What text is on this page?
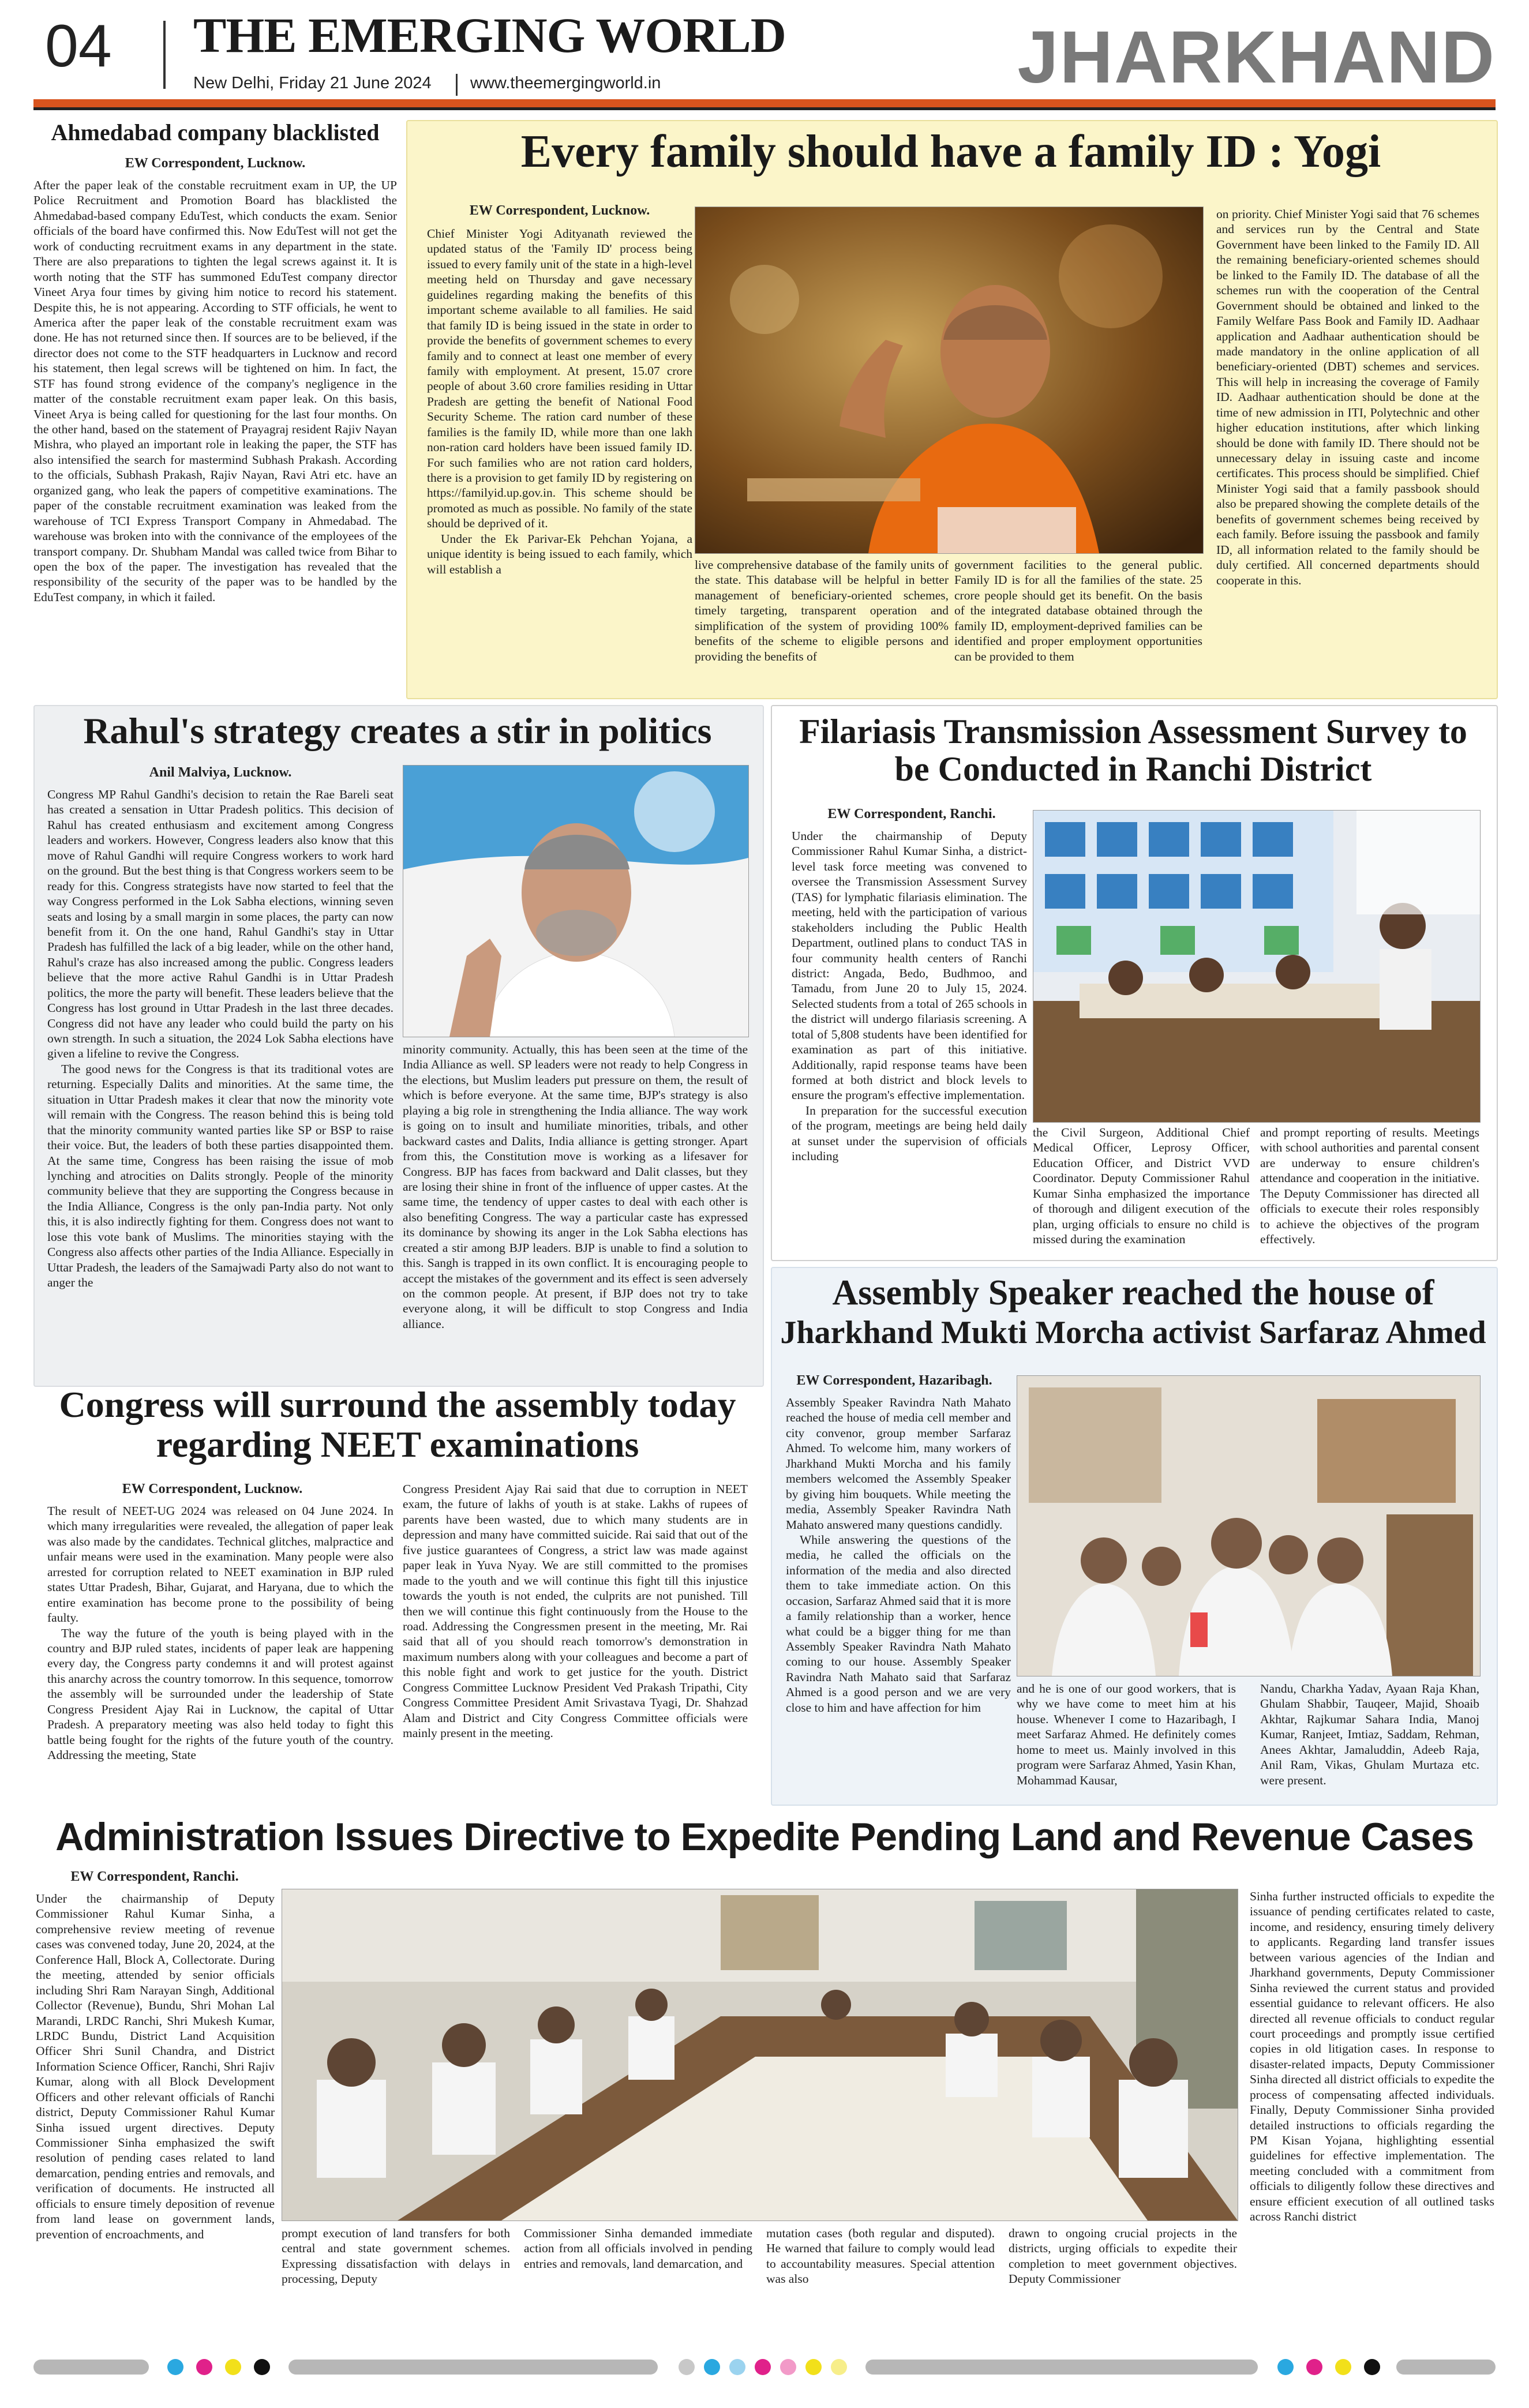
04 THE EMERGING WORLD
New Delhi, Friday 21 June 2024 www.theemergingworld.in	JHARKHAND
Ahmedabad company blacklisted
EW Correspondent, Lucknow.

After the paper leak of the constable recruitment exam in UP, the UP Police Recruitment and Promotion Board has blacklisted the Ahmedabad-based company EduTest, which conducts the exam. Senior officials of the board have confirmed this. Now EduTest will not get the work of conducting recruitment exams in any department in the state. There are also preparations to tighten the legal screws against it. It is worth noting that the STF has summoned EduTest company director Vineet Arya four times by giving him notice to record his statement. Despite this, he is not appearing. According to STF officials, he went to America after the paper leak of the constable recruitment exam was done. He has not returned since then. If sources are to be believed, if the director does not come to the STF headquarters in Lucknow and record his statement, then legal screws will be tightened on him. In fact, the STF has found strong evidence of the company's negligence in the matter of the constable recruitment exam paper leak. On this basis, Vineet Arya is being called for questioning for the last four months. On the other hand, based on the statement of Prayagraj resident Rajiv Nayan Mishra, who played an important role in leaking the paper, the STF has also intensified the search for mastermind Subhash Prakash. According to the officials, Subhash Prakash, Rajiv Nayan, Ravi Atri etc. have an organized gang, who leak the papers of competitive examinations. The paper of the constable recruitment examination was leaked from the warehouse of TCI Express Transport Company in Ahmedabad. The warehouse was broken into with the connivance of the employees of the transport company. Dr. Shubham Mandal was called twice from Bihar to open the box of the paper. The investigation has revealed that the responsibility of the security of the paper was to be handled by the EduTest company, in which it failed.

Every family should have a family ID : Yogi
EW Correspondent, Lucknow.

Chief Minister Yogi Adityanath reviewed the updated status of the 'Family ID' process being issued to every family unit of the state in a high-level meeting held on Thursday and gave necessary guidelines regarding making the benefits of this important scheme available to all families. He said that family ID is being issued in the state in order to provide the benefits of government schemes to every family and to connect at least one member of every family with employment. At present, 15.07 crore people of about 3.60 crore families residing in Uttar Pradesh are getting the benefit of National Food Security Scheme. The ration card number of these families is the family ID, while more than one lakh non-ration card holders have been issued family ID. For such families who are not ration card holders, there is a provision to get family ID by registering on https://familyid.up.gov.in. This scheme should be promoted as much as possible. No family of the state should be deprived of it.

Under the Ek Parivar-Ek Pehchan Yojana, a unique identity is being issued to each family, which will establish a	live comprehensive database of the family units of the state. This database will be helpful in better management of beneficiary-oriented schemes, timely targeting, transparent operation and simplification of the system of providing 100% benefits of the scheme to eligible persons and providing the benefits of

government facilities to the general public. Family ID is for all the families of the state. 25 crore people should get its benefit. On the basis of the integrated database obtained through the family ID, employment-deprived families can be identified and proper employment opportunities can be provided to them

on priority. Chief Minister Yogi said that 76 schemes and services run by the Central and State Government have been linked to the Family ID. All the remaining beneficiary-oriented schemes should be linked to the Family ID. The database of all the schemes run with the cooperation of the Central Government should be obtained and linked to the Family Welfare Pass Book and Family ID. Aadhaar application and Aadhaar authentication should be made mandatory in the online application of all beneficiary-oriented (DBT) schemes and services. This will help in increasing the coverage of Family ID. Aadhaar authentication should be done at the time of new admission in ITI, Polytechnic and other higher education institutions, after which linking should be done with family ID. There should not be unnecessary delay in issuing caste and income certificates. This process should be simplified. Chief Minister Yogi said that a family passbook should also be prepared showing the complete details of the benefits of government schemes being received by each family. Before issuing the passbook and family ID, all information related to the family should be duly certified. All concerned departments should cooperate in this.

Rahul's strategy creates a stir in politics
Anil Malviya, Lucknow.

Congress MP Rahul Gandhi's decision to retain the Rae Bareli seat has created a sensation in Uttar Pradesh politics. This decision of Rahul has created enthusiasm and excitement among Congress leaders and workers. However, Congress leaders also know that this move of Rahul Gandhi will require Congress workers to work hard on the ground. But the best thing is that Congress workers seem to be ready for this. Congress strategists have now started to feel that the way Congress performed in the Lok Sabha elections, winning seven seats and losing by a small margin in some places, the party can now benefit from it. On the one hand, Rahul Gandhi's stay in Uttar Pradesh has fulfilled the lack of a big leader, while on the other hand, Rahul's craze has also increased among the public. Congress leaders believe that the more active Rahul Gandhi is in Uttar Pradesh politics, the more the party will benefit. These leaders believe that the Congress has lost ground in Uttar Pradesh in the last three decades. Congress did not have any leader who could build the party on his own strength. In such a situation, the 2024 Lok Sabha elections have given a lifeline to revive the Congress.

The good news for the Congress is that its traditional votes are returning. Especially Dalits and minorities. At the same time, the situation in Uttar Pradesh makes it clear that now the minority vote will remain with the Congress. The reason behind this is being told that the minority community wanted parties like SP or BSP to raise their voice. But, the leaders of both these parties disappointed them. At the same time, Congress has been raising the issue of mob lynching and atrocities on Dalits strongly. People of the minority community believe that they are supporting the Congress because in the India Alliance, Congress is the only pan-India party. Not only this, it is also indirectly fighting for them. Congress does not want to lose this vote bank of Muslims. The minorities staying with the Congress also affects other parties of the India Alliance. Especially in Uttar Pradesh, the leaders of the Samajwadi Party also do not want to anger the

minority community. Actually, this has been seen at the time of the India Alliance as well. SP leaders were not ready to help Congress in the elections, but Muslim leaders put pressure on them, the result of which is before everyone. At the same time, BJP's strategy is also playing a big role in strengthening the India alliance. The way work is going on to insult and humiliate minorities, tribals, and other backward castes and Dalits, India alliance is getting stronger. Apart from this, the Constitution move is working as a lifesaver for Congress. BJP has faces from backward and Dalit classes, but they are losing their shine in front of the influence of upper castes. At the same time, the tendency of upper castes to deal with each other is also benefiting Congress. The way a particular caste has expressed its dominance by showing its anger in the Lok Sabha elections has created a stir among BJP leaders. BJP is unable to find a solution to this. Sangh is trapped in its own conflict. It is encouraging people to accept the mistakes of the government and its effect is seen adversely on the common people. At present, if BJP does not try to take everyone along, it will be difficult to stop Congress and India alliance.

Congress will surround the assembly today regarding NEET examinations
EW Correspondent, Lucknow.

The result of NEET-UG 2024 was released on 04 June 2024. In which many irregularities were revealed, the allegation of paper leak was also made by the candidates. Technical glitches, malpractice and unfair means were used in the examination. Many people were also arrested for corruption related to NEET examination in BJP ruled states Uttar Pradesh, Bihar, Gujarat, and Haryana, due to which the entire examination has become prone to the possibility of being faulty.

The way the future of the youth is being played with in the country and BJP ruled states, incidents of paper leak are happening every day, the Congress party condemns it and will protest against this anarchy across the country tomorrow. In this sequence, tomorrow the assembly will be surrounded under the leadership of State Congress President Ajay Rai in Lucknow, the capital of Uttar Pradesh. A preparatory meeting was also held today to fight this battle being fought for the rights of the future youth of the country. Addressing the meeting, State

Congress President Ajay Rai said that due to corruption in NEET exam, the future of lakhs of youth is at stake. Lakhs of rupees of parents have been wasted, due to which many students are in depression and many have committed suicide. Rai said that out of the five justice guarantees of Congress, a strict law was made against paper leak in Yuva Nyay. We are still committed to the promises made to the youth and we will continue this fight till this injustice towards the youth is not ended, the culprits are not punished. Till then we will continue this fight continuously from the House to the road. Addressing the Congressmen present in the meeting, Mr. Rai said that all of you should reach tomorrow's demonstration in maximum numbers along with your colleagues and become a part of this noble fight and work to get justice for the youth. District Congress Committee Lucknow President Ved Prakash Tripathi, City Congress Committee President Amit Srivastava Tyagi, Dr. Shahzad Alam and District and City Congress Committee officials were mainly present in the meeting.

Filariasis Transmission Assessment Survey to be Conducted in Ranchi District
EW Correspondent, Ranchi.

Under the chairmanship of Deputy Commissioner Rahul Kumar Sinha, a district-level task force meeting was convened to oversee the Transmission Assessment Survey (TAS) for lymphatic filariasis elimination. The meeting, held with the participation of various stakeholders including the Public Health Department, outlined plans to conduct TAS in four community health centers of Ranchi district: Angada, Bedo, Budhmoo, and Tamadu, from June 20 to July 15, 2024. Selected students from a total of 265 schools in the district will undergo filariasis screening. A total of 5,808 students have been identified for examination as part of this initiative. Additionally, rapid response teams have been formed at both district and block levels to ensure the program's effective implementation.

In preparation for the successful execution of the program, meetings are being held daily at sunset under the supervision of officials including

the Civil Surgeon, Additional Chief Medical Officer, Leprosy Officer, Education Officer, and District VVD Coordinator. Deputy Commissioner Rahul Kumar Sinha emphasized the importance of thorough and diligent execution of the plan, urging officials to ensure no child is missed during the examination

and prompt reporting of results. Meetings with school authorities and parental consent are underway to ensure children's attendance and cooperation in the initiative. The Deputy Commissioner has directed all officials to execute their roles responsibly to achieve the objectives of the program effectively.

Assembly Speaker reached the house of
Jharkhand Mukti Morcha activist Sarfaraz Ahmed
EW Correspondent, Hazaribagh.

Assembly Speaker Ravindra Nath Mahato reached the house of media cell member and city convenor, group member Sarfaraz Ahmed. To welcome him, many workers of Jharkhand Mukti Morcha and his family members welcomed the Assembly Speaker by giving him bouquets. While meeting the media, Assembly Speaker Ravindra Nath Mahato answered many questions candidly.

While answering the questions of the media, he called the officials on the information of the media and also directed them to take immediate action. On this occasion, Sarfaraz Ahmed said that it is more a family relationship than a worker, hence what could be a bigger thing for me than Assembly Speaker Ravindra Nath Mahato coming to our house. Assembly Speaker Ravindra Nath Mahato said that Sarfaraz Ahmed is a good person and we are very close to him and have affection for him

and he is one of our good workers, that is why we have come to meet him at his house. Whenever I come to Hazaribagh, I meet Sarfaraz Ahmed. He definitely comes home to meet us. Mainly involved in this program were Sarfaraz Ahmed, Yasin Khan, Mohammad Kausar,

Nandu, Charkha Yadav, Ayaan Raja Khan, Ghulam Shabbir, Tauqeer, Majid, Shoaib Akhtar, Rajkumar Sahara India, Manoj Kumar, Ranjeet, Imtiaz, Saddam, Rehman, Anees Akhtar, Jamaluddin, Adeeb Raja, Anil Ram, Vikas, Ghulam Murtaza etc. were present.

Administration Issues Directive to Expedite Pending Land and Revenue Cases
EW Correspondent, Ranchi.

Under the chairmanship of Deputy Commissioner Rahul Kumar Sinha, a comprehensive review meeting of revenue cases was convened today, June 20, 2024, at the Conference Hall, Block A, Collectorate. During the meeting, attended by senior officials including Shri Ram Narayan Singh, Additional Collector (Revenue), Bundu, Shri Mohan Lal Marandi, LRDC Ranchi, Shri Mukesh Kumar, LRDC Bundu, District Land Acquisition Officer Shri Sunil Chandra, and District Information Science Officer, Ranchi, Shri Rajiv Kumar, along with all Block Development Officers and other relevant officials of Ranchi district, Deputy Commissioner Rahul Kumar Sinha issued urgent directives. Deputy Commissioner Sinha emphasized the swift resolution of pending cases related to land demarcation, pending entries and removals, and verification of documents. He instructed all officials to ensure timely deposition of revenue from land lease on government lands, prevention of encroachments, and	prompt execution of land transfers for both central and state government schemes. Expressing dissatisfaction with delays in processing, Deputy

Commissioner Sinha demanded immediate action from all officials involved in pending entries and removals, land demarcation, and

mutation cases (both regular and disputed). He warned that failure to comply would lead to accountability measures. Special attention was also

drawn to ongoing crucial projects in the districts, urging officials to expedite their completion to meet government objectives. Deputy Commissioner

Sinha further instructed officials to expedite the issuance of pending certificates related to caste, income, and residency, ensuring timely delivery to applicants. Regarding land transfer issues between various agencies of the Indian and Jharkhand governments, Deputy Commissioner Sinha reviewed the current status and provided essential guidance to relevant officers. He also directed all revenue officials to conduct regular court proceedings and promptly issue certified copies in old litigation cases. In response to disaster-related impacts, Deputy Commissioner Sinha directed all district officials to expedite the process of compensating affected individuals. Finally, Deputy Commissioner Sinha provided detailed instructions to officials regarding the PM Kisan Yojana, highlighting essential guidelines for effective implementation. The meeting concluded with a commitment from officials to diligently follow these directives and ensure efficient execution of all outlined tasks across Ranchi district
